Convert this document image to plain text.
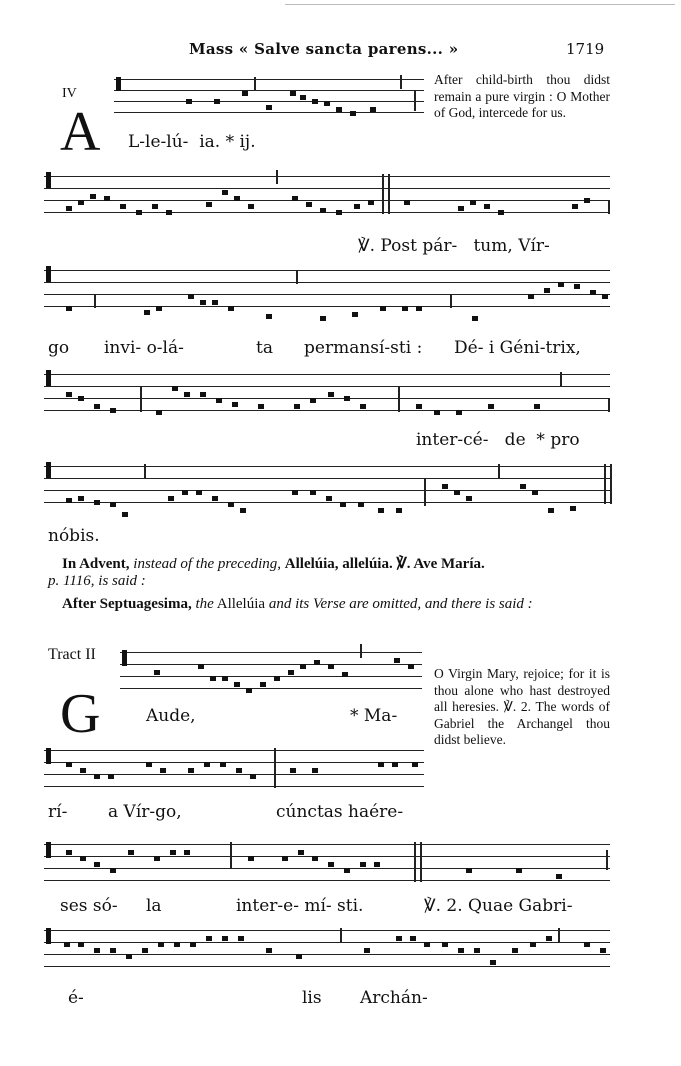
Mass « Salve sancta parens... »	1719
IV
A L-le-lú-  ia. * ij.
After child-birth thou didst remain a pure virgin : O Mother of God, intercede for us.
℣. Post pár-   tum, Vír-
go invi- o-lá-	ta permansí-sti : Dé- i Géni-trix,
inter-cé-   de  * pro
nóbis.
In Advent, instead of the preceding, Allelúia, allelúia. ℣. Ave María.
p. 1116, is said :
After Septuagesima, the Allelúia and its Verse are omitted, and there is said :
Tract II
G	Aude,	* Ma-
O Virgin Mary, rejoice; for it is thou alone who hast destroyed all heresies. ℣. 2. The words of Gabriel the Archangel thou didst believe.
rí- a Vír-go,	cúnctas haére-
ses só- la	inter-e- mí- sti.	℣. 2. Quae Gabri-
é-	lis Archán-
